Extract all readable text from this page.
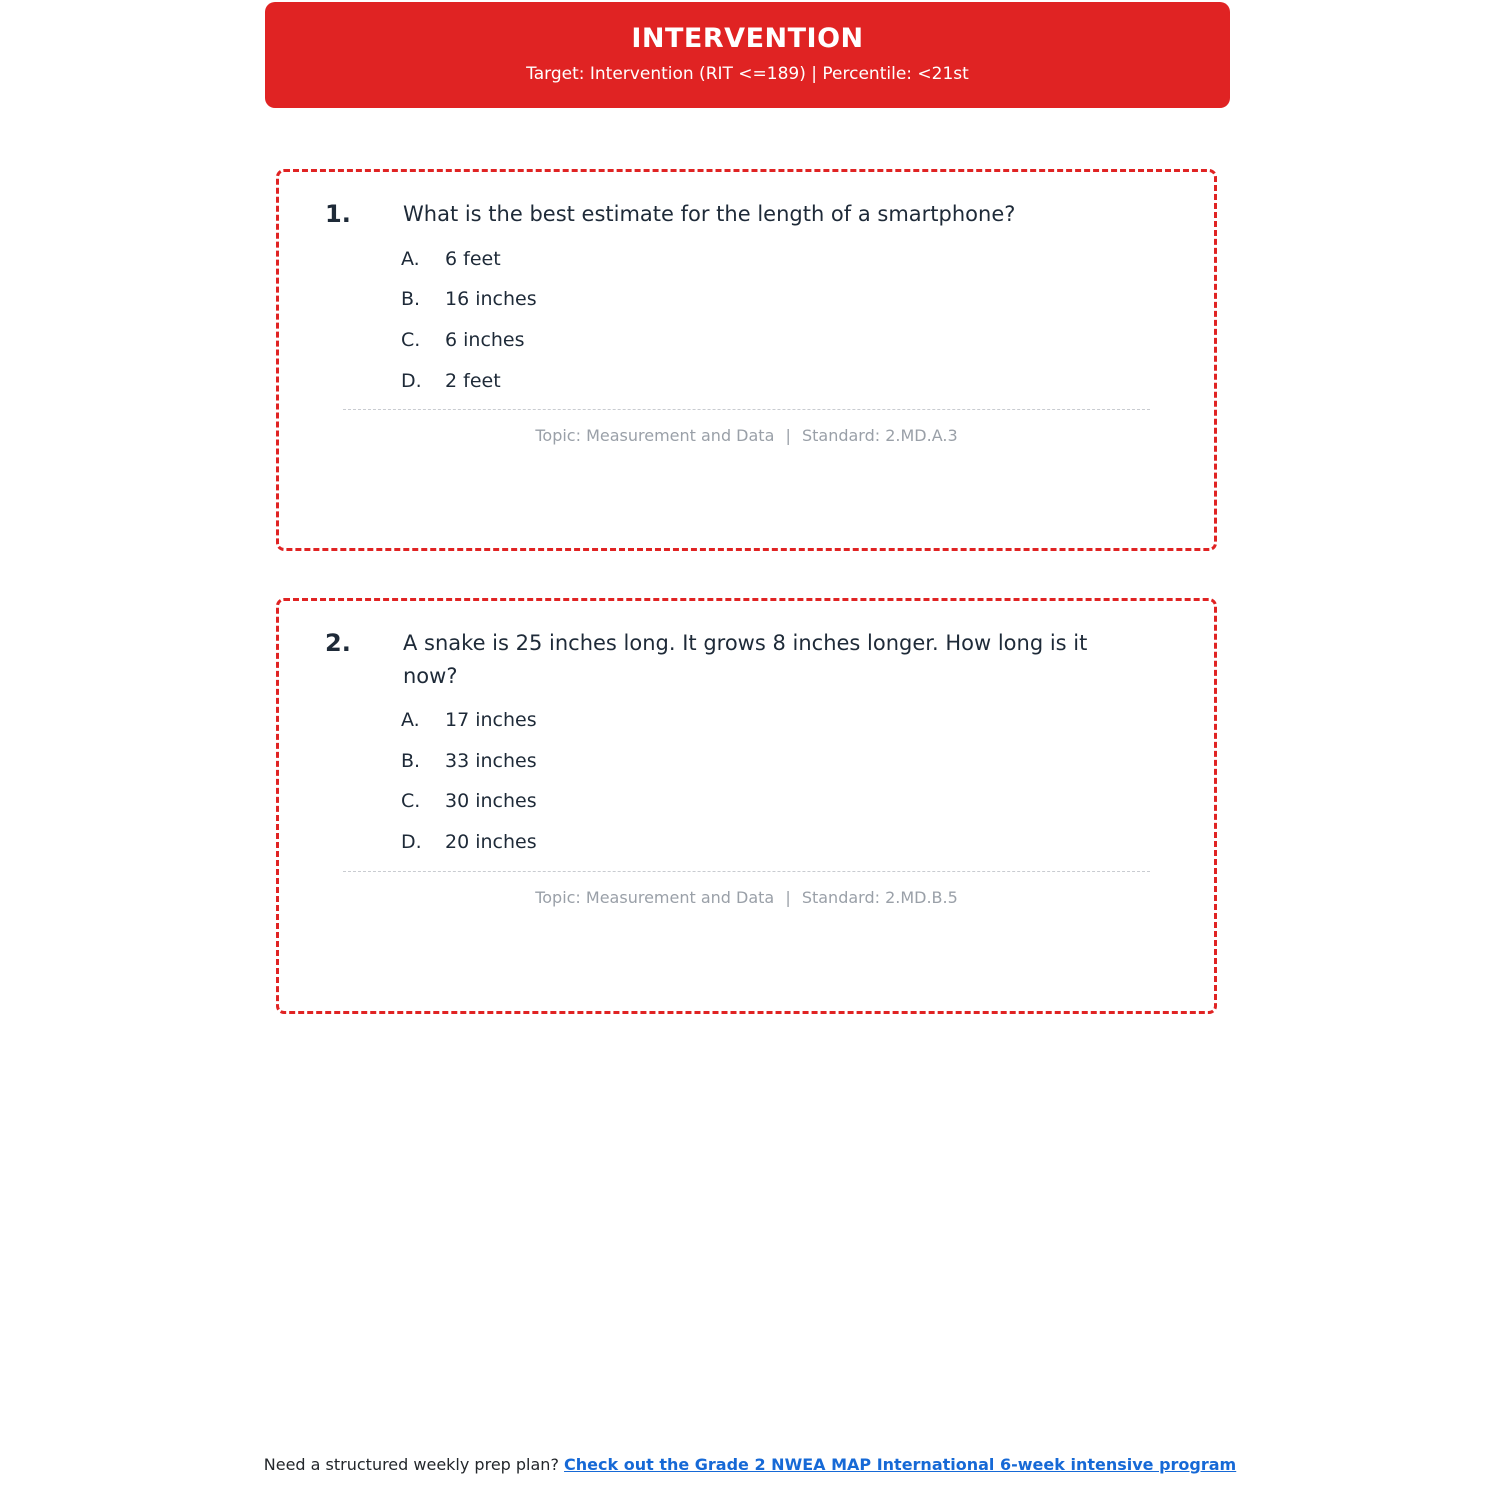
INTERVENTION
Target: Intervention (RIT <=189) | Percentile: <21st
1.	What is the best estimate for the length of a smartphone?
A.	6 feet
B.	16 inches
C.	6 inches
D.	2 feet
Topic: Measurement and Data | Standard: 2.MD.A.3
2.	A snake is 25 inches long. It grows 8 inches longer. How long is it now?
A.	17 inches
B.	33 inches
C.	30 inches
D.	20 inches
Topic: Measurement and Data | Standard: 2.MD.B.5
Need a structured weekly prep plan? Check out the Grade 2 NWEA MAP International 6-week intensive program
